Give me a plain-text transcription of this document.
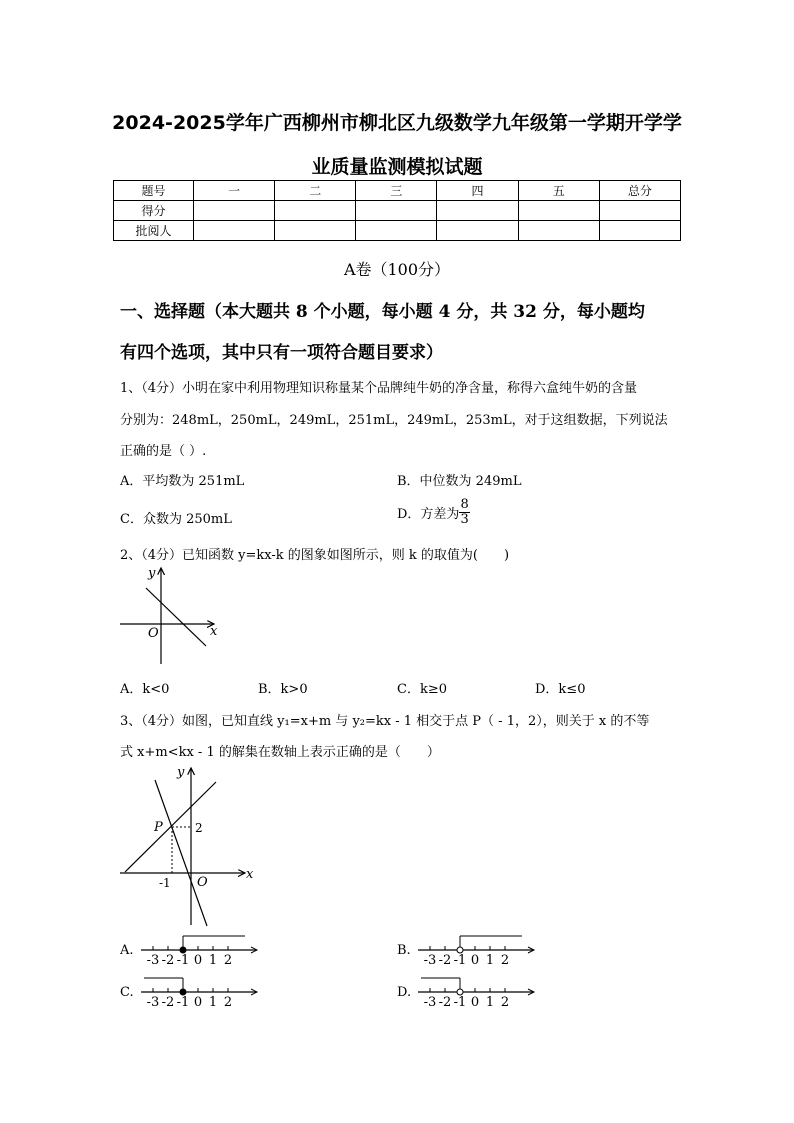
2024-2025学年广西柳州市柳北区九级数学九年级第一学期开学学
业质量监测模拟试题
题号	一	二	三	四	五	总分
得分						
批阅人						
A卷（100分）
一、选择题（本大题共 8 个小题，每小题 4 分，共 32 分，每小题均
有四个选项，其中只有一项符合题目要求）
1、（4分）小明在家中利用物理知识称量某个品牌纯牛奶的净含量，称得六盒纯牛奶的含量
分别为：248mL，250mL，249mL，251mL，249mL，253mL，对于这组数据，下列说法
正确的是（ ）.
A．平均数为 251mL	B．中位数为 249mL
C．众数为 250mL	D．方差为 $\frac{8}{3}$
2、（4分）已知函数 y=kx-k 的图象如图所示，则 k 的取值为(　　)
y
x
O
A．k<0	B．k>0	C．k≥0	D．k≤0
3、（4分）如图，已知直线 y₁=x+m 与 y₂=kx - 1 相交于点 P（ - 1，2），则关于 x 的不等
式 x+m<kx - 1 的解集在数轴上表示正确的是（　　）
y
x
O
P	2
-1
A.	B.
C.	D.
-3 -2 -1 0 1 2	-3 -2 -1 0 1 2
-3 -2 -1 0 1 2	-3 -2 -1 0 1 2
